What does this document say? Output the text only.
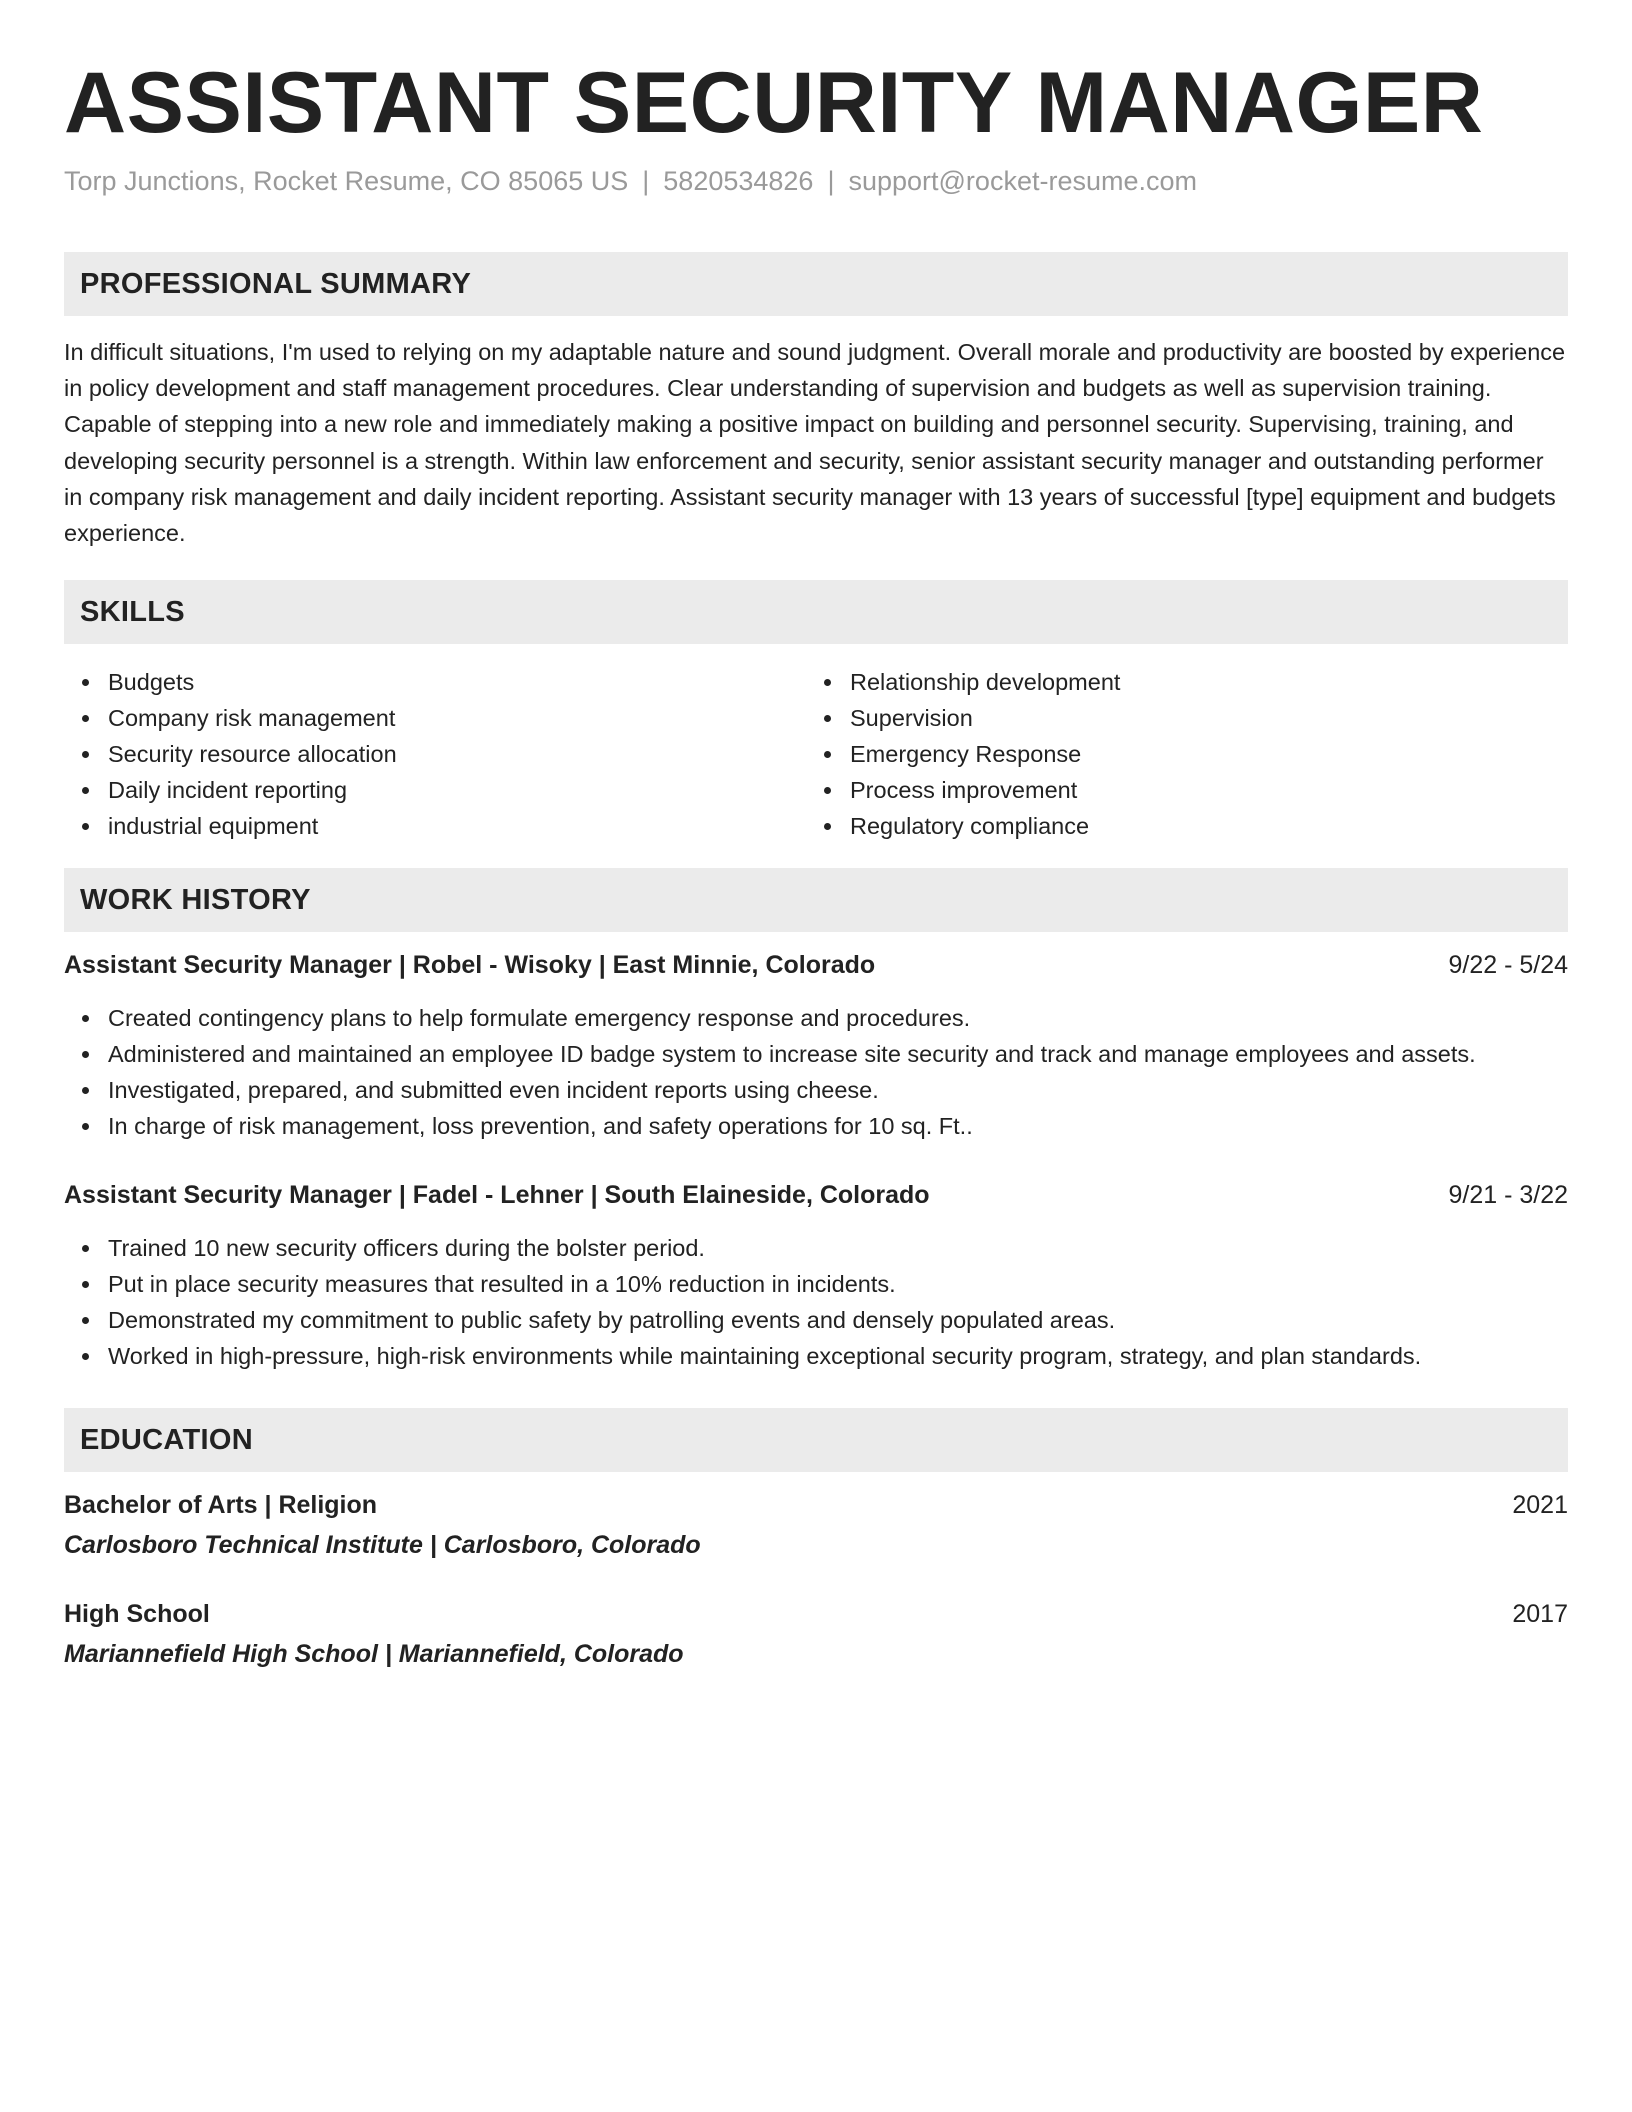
ASSISTANT SECURITY MANAGER
Torp Junctions, Rocket Resume, CO 85065 US | 5820534826 | support@rocket-resume.com
PROFESSIONAL SUMMARY

In difficult situations, I'm used to relying on my adaptable nature and sound judgment. Overall morale and productivity are boosted by experience in policy development and staff management procedures. Clear understanding of supervision and budgets as well as supervision training. Capable of stepping into a new role and immediately making a positive impact on building and personnel security. Supervising, training, and developing security personnel is a strength. Within law enforcement and security, senior assistant security manager and outstanding performer in company risk management and daily incident reporting. Assistant security manager with 13 years of successful [type] equipment and budgets experience.

SKILLS
Budgets
Company risk management
Security resource allocation
Daily incident reporting
industrial equipment
Relationship development
Supervision
Emergency Response
Process improvement
Regulatory compliance
WORK HISTORY
Assistant Security Manager | Robel - Wisoky | East Minnie, Colorado	9/22 - 5/24
Created contingency plans to help formulate emergency response and procedures.
Administered and maintained an employee ID badge system to increase site security and track and manage employees and assets.
Investigated, prepared, and submitted even incident reports using cheese.
In charge of risk management, loss prevention, and safety operations for 10 sq. Ft..
Assistant Security Manager | Fadel - Lehner | South Elaineside, Colorado	9/21 - 3/22
Trained 10 new security officers during the bolster period.
Put in place security measures that resulted in a 10% reduction in incidents.
Demonstrated my commitment to public safety by patrolling events and densely populated areas.
Worked in high-pressure, high-risk environments while maintaining exceptional security program, strategy, and plan standards.
EDUCATION
Bachelor of Arts | Religion	2021
Carlosboro Technical Institute | Carlosboro, Colorado
High School	2017
Mariannefield High School | Mariannefield, Colorado
